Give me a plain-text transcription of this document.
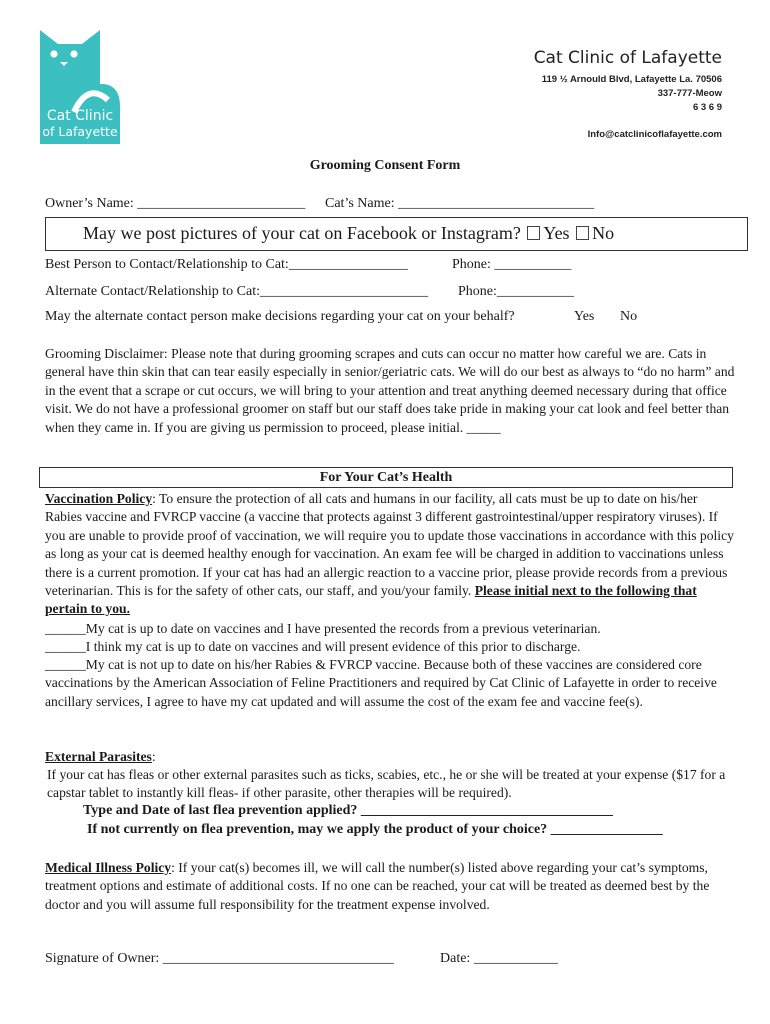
Cat Clinic
of Lafayette
Cat Clinic of Lafayette
119 ½ Arnould Blvd, Lafayette La. 70506
337-777-Meow
6 3 6 9
Info@catclinicoflafayette.com
Grooming Consent Form
Owner’s Name: ________________________ Cat’s Name: ____________________________
May we post pictures of your cat on Facebook or Instagram? Yes No
Best Person to Contact/Relationship to Cat:_________________	Phone: ___________
Alternate Contact/Relationship to Cat:________________________ Phone:___________
May the alternate contact person make decisions regarding your cat on your behalf?	Yes No
Grooming Disclaimer: Please note that during grooming scrapes and cuts can occur no matter how careful we are. Cats in general have thin skin that can tear easily especially in senior/geriatric cats. We will do our best as always to “do no harm” and in the event that a scrape or cut occurs, we will bring to your attention and treat anything deemed necessary during that office visit. We do not have a professional groomer on staff but our staff does take pride in making your cat look and feel better than when they came in. If you are giving us permission to proceed, please initial. _____
For Your Cat’s Health
Vaccination Policy: To ensure the protection of all cats and humans in our facility, all cats must be up to date on his/her Rabies vaccine and FVRCP vaccine (a vaccine that protects against 3 different gastrointestinal/upper respiratory viruses). If you are unable to provide proof of vaccination, we will require you to update those vaccinations in accordance with this policy as long as your cat is deemed healthy enough for vaccination. An exam fee will be charged in addition to vaccinations unless there is a current promotion. If your cat has had an allergic reaction to a vaccine prior, please provide records from a previous veterinarian. This is for the safety of other cats, our staff, and you/your family. Please initial next to the following that pertain to you.
______My cat is up to date on vaccines and I have presented the records from a previous veterinarian.
______I think my cat is up to date on vaccines and will present evidence of this prior to discharge.
______My cat is not up to date on his/her Rabies & FVRCP vaccine. Because both of these vaccines are considered core vaccinations by the American Association of Feline Practitioners and required by Cat Clinic of Lafayette in order to receive ancillary services, I agree to have my cat updated and will assume the cost of the exam fee and vaccine fee(s).
External Parasites:
If your cat has fleas or other external parasites such as ticks, scabies, etc., he or she will be treated at your expense ($17 for a capstar tablet to instantly kill fleas- if other parasite, other therapies will be required).
Type and Date of last flea prevention applied? ____________________________________
If not currently on flea prevention, may we apply the product of your choice? ________________
Medical Illness Policy: If your cat(s) becomes ill, we will call the number(s) listed above regarding your cat’s symptoms, treatment options and estimate of additional costs. If no one can be reached, your cat will be treated as deemed best by the doctor and you will assume full responsibility for the treatment expense involved.
Signature of Owner: _________________________________	Date: ____________
